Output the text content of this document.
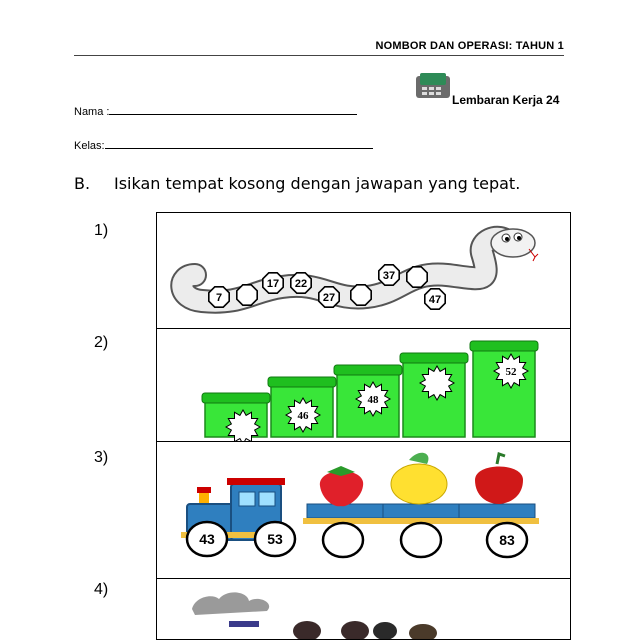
NOMBOR DAN OPERASI: TAHUN 1
Lembaran Kerja 24
Nama :
Kelas:
B. Isikan tempat kosong dengan jawapan yang tepat.
1)
2)
3)
4)
7
17 22
27
37
47
46
48
52
43	53	83
